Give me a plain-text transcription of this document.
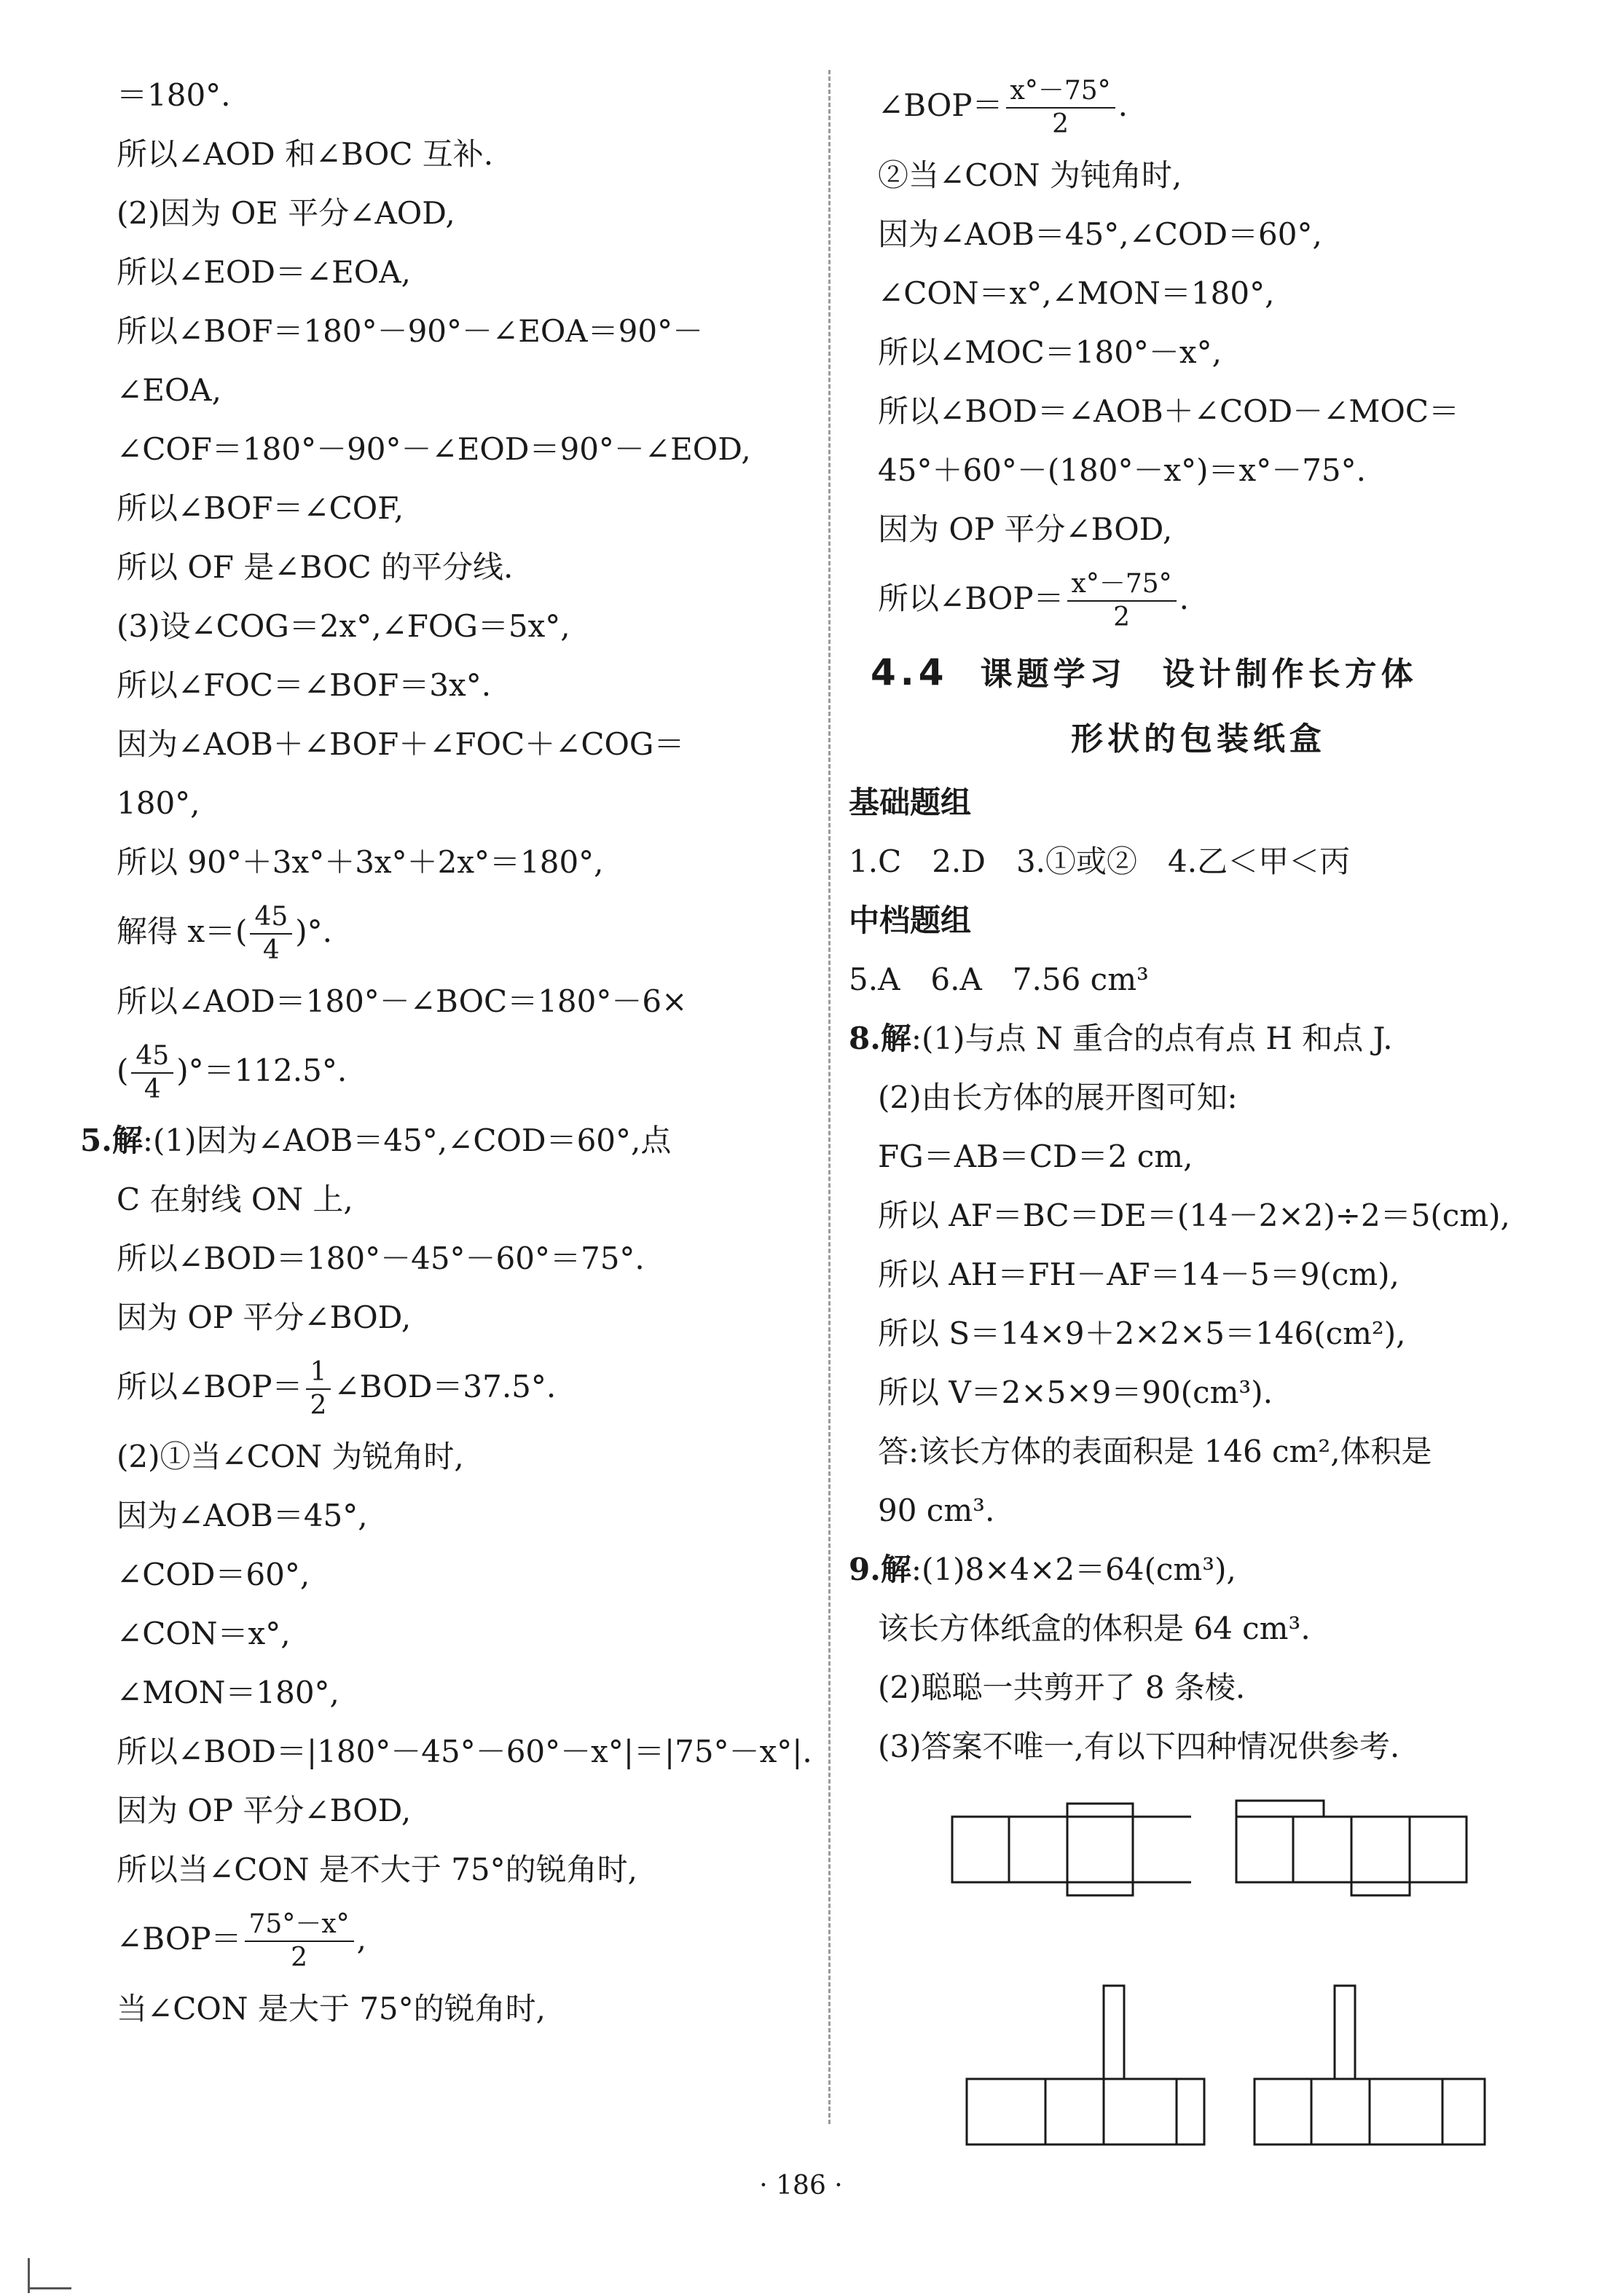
＝180°.
所以∠AOD 和∠BOC 互补.
(2)因为 OE 平分∠AOD,
所以∠EOD＝∠EOA,
所以∠BOF＝180°－90°－∠EOA＝90°－
∠EOA,
∠COF＝180°－90°－∠EOD＝90°－∠EOD,
所以∠BOF＝∠COF,
所以 OF 是∠BOC 的平分线.
(3)设∠COG＝2x°,∠FOG＝5x°,
所以∠FOC＝∠BOF＝3x°.
因为∠AOB＋∠BOF＋∠FOC＋∠COG＝
180°,
所以 90°＋3x°＋3x°＋2x°＝180°,
解得 $x=( \frac{45}{4}$ )°.
所以∠AOD＝180°－∠BOC＝180°－6×
( $\frac{45}{4} )^\circ=112.5^\circ$.
5.解:(1)因为∠AOB＝45°,∠COD＝60°,点
C 在射线 ON 上,
所以∠BOD＝180°－45°－60°＝75°.
因为 OP 平分∠BOD,
所以∠BOP＝ $\frac{1}{2}$ ∠BOD＝37.5°.
(2)①当∠CON 为锐角时,
因为∠AOB＝45°,
∠COD＝60°,
∠CON＝x°,
∠MON＝180°,
所以∠BOD＝|180°－45°－60°－x°|＝|75°－x°|.
因为 OP 平分∠BOD,
所以当∠CON 是不大于 75°的锐角时,
∠BOP＝ $\frac{75^\circ-x^\circ}{2}$ ,
当∠CON 是大于 75°的锐角时,
∠BOP＝ $\frac{x^\circ-75^\circ}{2}$ .
②当∠CON 为钝角时,
因为∠AOB＝45°,∠COD＝60°,
∠CON＝x°,∠MON＝180°,
所以∠MOC＝180°－x°,
所以∠BOD＝∠AOB＋∠COD－∠MOC＝
45°＋60°－(180°－x°)＝x°－75°.
因为 OP 平分∠BOD,
所以∠BOP＝ $\frac{x^\circ-75^\circ}{2}$ .
4.4 课题学习　设计制作长方体
形状的包装纸盒
基础题组
1.C　2.D　3.①或②　4.乙＜甲＜丙
中档题组
5.A　6.A　7.56 cm³
8.解:(1)与点 N 重合的点有点 H 和点 J.
(2)由长方体的展开图可知:
FG＝AB＝CD＝2 cm,
所以 AF＝BC＝DE＝(14－2×2)÷2＝5(cm),
所以 AH＝FH－AF＝14－5＝9(cm),
所以 S＝14×9＋2×2×5＝146(cm²),
所以 V＝2×5×9＝90(cm³).
答:该长方体的表面积是 146 cm²,体积是
90 cm³.
9.解:(1)8×4×2＝64(cm³),
该长方体纸盒的体积是 64 cm³.
(2)聪聪一共剪开了 8 条棱.
(3)答案不唯一,有以下四种情况供参考.
· 186 ·
